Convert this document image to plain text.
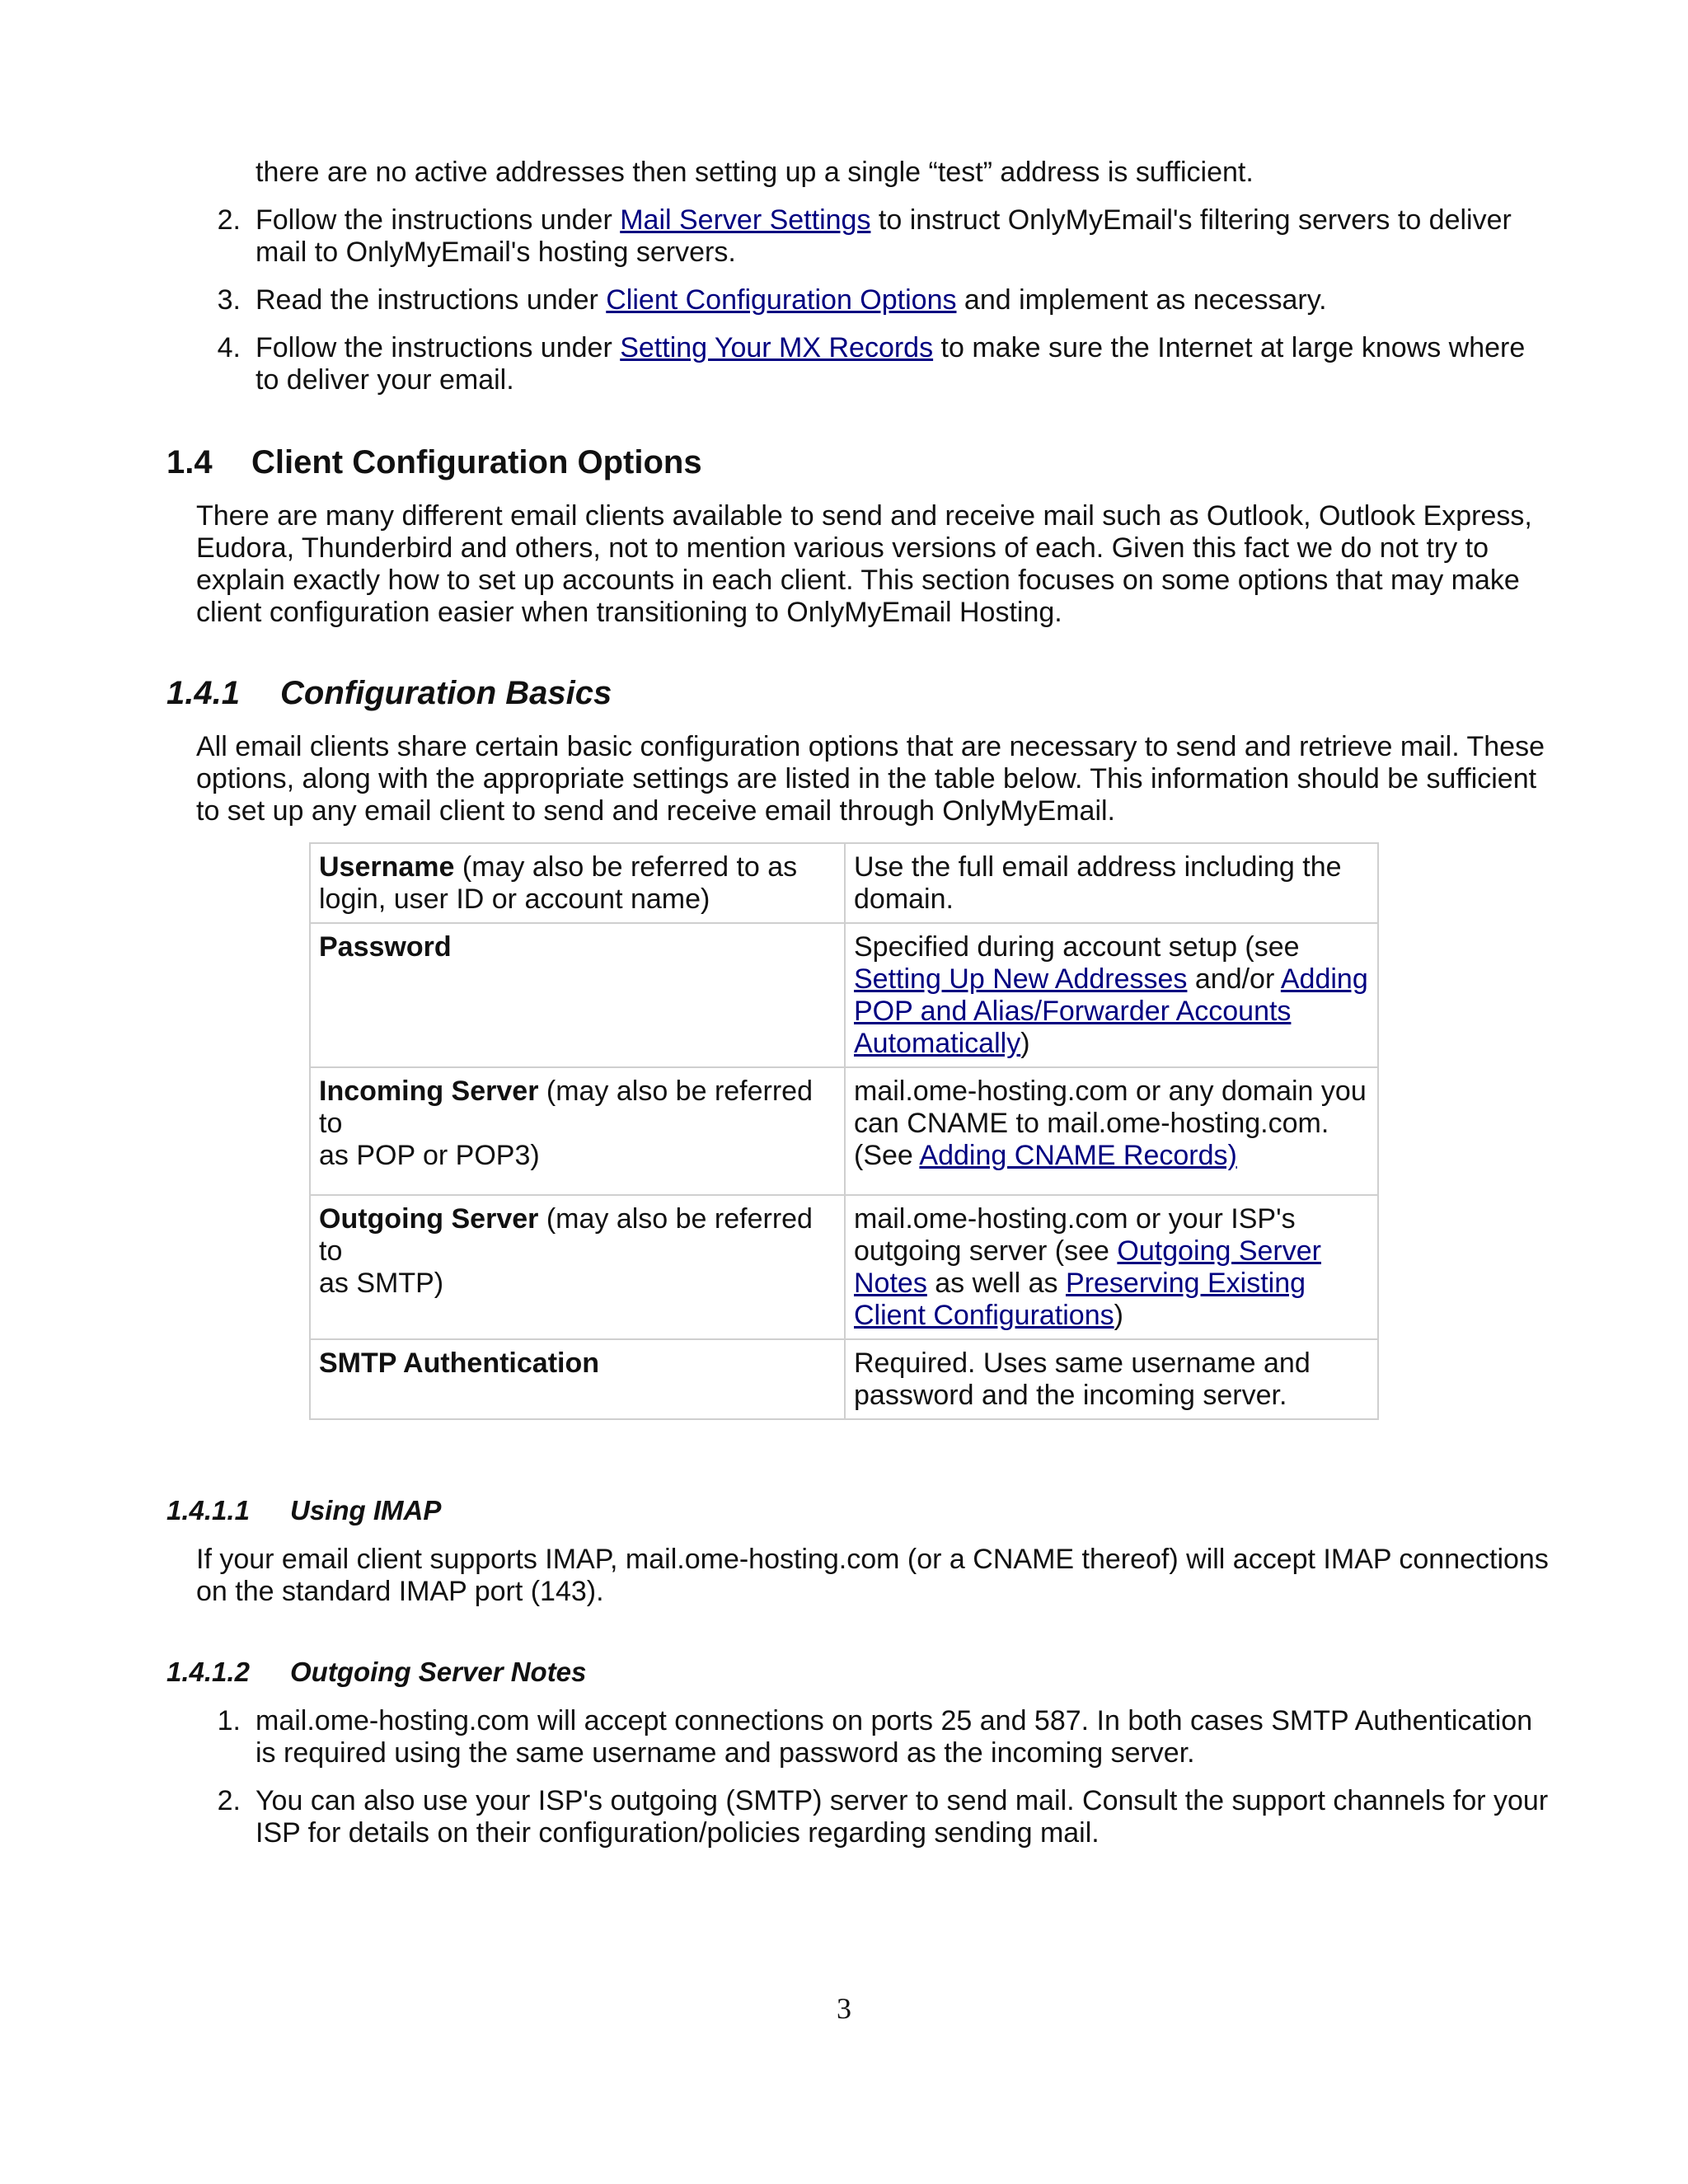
there are no active addresses then setting up a single “test” address is sufficient.
2. Follow the instructions under Mail Server Settings to instruct OnlyMyEmail's filtering servers to deliver
mail to OnlyMyEmail's hosting servers.
3. Read the instructions under Client Configuration Options and implement as necessary.
4. Follow the instructions under Setting Your MX Records to make sure the Internet at large knows where
to deliver your email.
1.4 Client Configuration Options
There are many different email clients available to send and receive mail such as Outlook, Outlook Express,
Eudora, Thunderbird and others, not to mention various versions of each. Given this fact we do not try to
explain exactly how to set up accounts in each client. This section focuses on some options that may make
client configuration easier when transitioning to OnlyMyEmail Hosting.
1.4.1 Configuration Basics
All email clients share certain basic configuration options that are necessary to send and retrieve mail. These
options, along with the appropriate settings are listed in the table below. This information should be sufficient
to set up any email client to send and receive email through OnlyMyEmail.
Username (may also be referred to as
login, user ID or account name)	Use the full email address including the
domain.
Password	Specified during account setup (see
Setting Up New Addresses and/or Adding
POP and Alias/Forwarder Accounts
Automatically)
Incoming Server (may also be referred to
as POP or POP3)	mail.ome-hosting.com or any domain you
can CNAME to mail.ome-hosting.com.
(See Adding CNAME Records)
Outgoing Server (may also be referred to
as SMTP)	mail.ome-hosting.com or your ISP's
outgoing server (see Outgoing Server
Notes as well as Preserving Existing
Client Configurations)
SMTP Authentication	Required. Uses same username and
password and the incoming server.
1.4.1.1 Using IMAP
If your email client supports IMAP, mail.ome-hosting.com (or a CNAME thereof) will accept IMAP connections
on the standard IMAP port (143).
1.4.1.2 Outgoing Server Notes
1. mail.ome-hosting.com will accept connections on ports 25 and 587. In both cases SMTP Authentication
is required using the same username and password as the incoming server.
2. You can also use your ISP's outgoing (SMTP) server to send mail. Consult the support channels for your
ISP for details on their configuration/policies regarding sending mail.
3
